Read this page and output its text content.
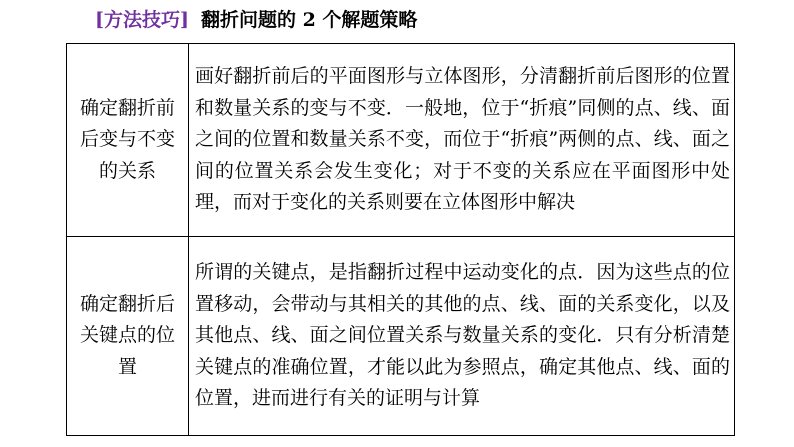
[方法技巧] 翻折问题的 2 个解题策略
确定翻折前后变与不变的关系	画好翻折前后的平面图形与立体图形，分清翻折前后图形的位置和数量关系的变与不变．一般地，位于“折痕”同侧的点、线、面之间的位置和数量关系不变，而位于“折痕”两侧的点、线、面之间的位置关系会发生变化；对于不变的关系应在平面图形中处理，而对于变化的关系则要在立体图形中解决
确定翻折后关键点的位置	所谓的关键点，是指翻折过程中运动变化的点．因为这些点的位置移动，会带动与其相关的其他的点、线、面的关系变化，以及其他点、线、面之间位置关系与数量关系的变化．只有分析清楚关键点的准确位置，才能以此为参照点，确定其他点、线、面的位置，进而进行有关的证明与计算
